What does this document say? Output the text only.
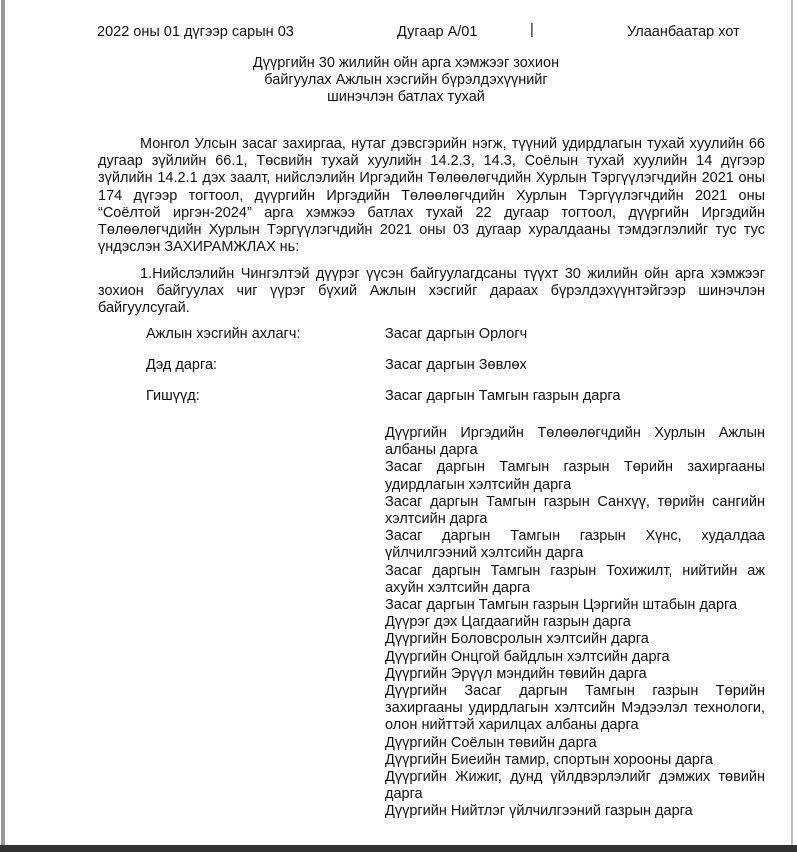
2022 оны 01 дүгээр сарын 03	Дугаар А/01	|	Улаанбаатар хот
Дүүргийн 30 жилийн ойн арга хэмжээг зохион
байгуулах Ажлын хэсгийн бүрэлдэхүүнийг
шинэчлэн батлах тухай
Монгол Улсын засаг захиргаа, нутаг дэвсгэрийн нэгж, түүний удирдлагын тухай хуулийн 66 дугаар зүйлийн 66.1, Төсвийн тухай хуулийн 14.2.3, 14.3, Соёлын тухай хуулийн 14 дүгээр зүйлийн 14.2.1 дэх заалт, нийслэлийн Иргэдийн Төлөөлөгчдийн Хурлын Тэргүүлэгчдийн 2021 оны 174 дүгээр тогтоол, дүүргийн Иргэдийн Төлөөлөгчдийн Хурлын Тэргүүлэгчдийн 2021 оны “Соёлтой иргэн-2024” арга хэмжээ батлах тухай 22 дугаар тогтоол, дүүргийн Иргэдийн Төлөөлөгчдийн Хурлын Тэргүүлэгчдийн 2021 оны 03 дугаар хуралдааны тэмдэглэлийг тус тус үндэслэн ЗАХИРАМЖЛАХ нь:
1.Нийслэлийн Чингэлтэй дүүрэг үүсэн байгуулагдсаны түүхт 30 жилийн ойн арга хэмжээг зохион байгуулах чиг үүрэг бүхий Ажлын хэсгийг дараах бүрэлдэхүүнтэйгээр шинэчлэн байгуулсугай.
Ажлын хэсгийн ахлагч:	Засаг даргын Орлогч
Дэд дарга:	Засаг даргын Зөвлөх
Гишүүд:	Засаг даргын Тамгын газрын дарга
Дүүргийн Иргэдийн Төлөөлөгчдийн Хурлын Ажлын албаны дарга
Засаг даргын Тамгын газрын Төрийн захиргааны удирдлагын хэлтсийн дарга
Засаг даргын Тамгын газрын Санхүү, төрийн сангийн хэлтсийн дарга
Засаг даргын Тамгын газрын Хүнс, худалдаа үйлчилгээний хэлтсийн дарга
Засаг даргын Тамгын газрын Тохижилт, нийтийн аж ахуйн хэлтсийн дарга
Засаг даргын Тамгын газрын Цэргийн штабын дарга
Дүүрэг дэх Цагдаагийн газрын дарга
Дүүргийн Боловсролын хэлтсийн дарга
Дүүргийн Онцгой байдлын хэлтсийн дарга
Дүүргийн Эрүүл мэндийн төвийн дарга
Дүүргийн Засаг даргын Тамгын газрын Төрийн захиргааны удирдлагын хэлтсийн Мэдээлэл технологи, олон нийттэй харилцах албаны дарга
Дүүргийн Соёлын төвийн дарга
Дүүргийн Биеийн тамир, спортын хорооны дарга
Дүүргийн Жижиг, дунд үйлдвэрлэлийг дэмжих төвийн дарга
Дүүргийн Нийтлэг үйлчилгээний газрын дарга
